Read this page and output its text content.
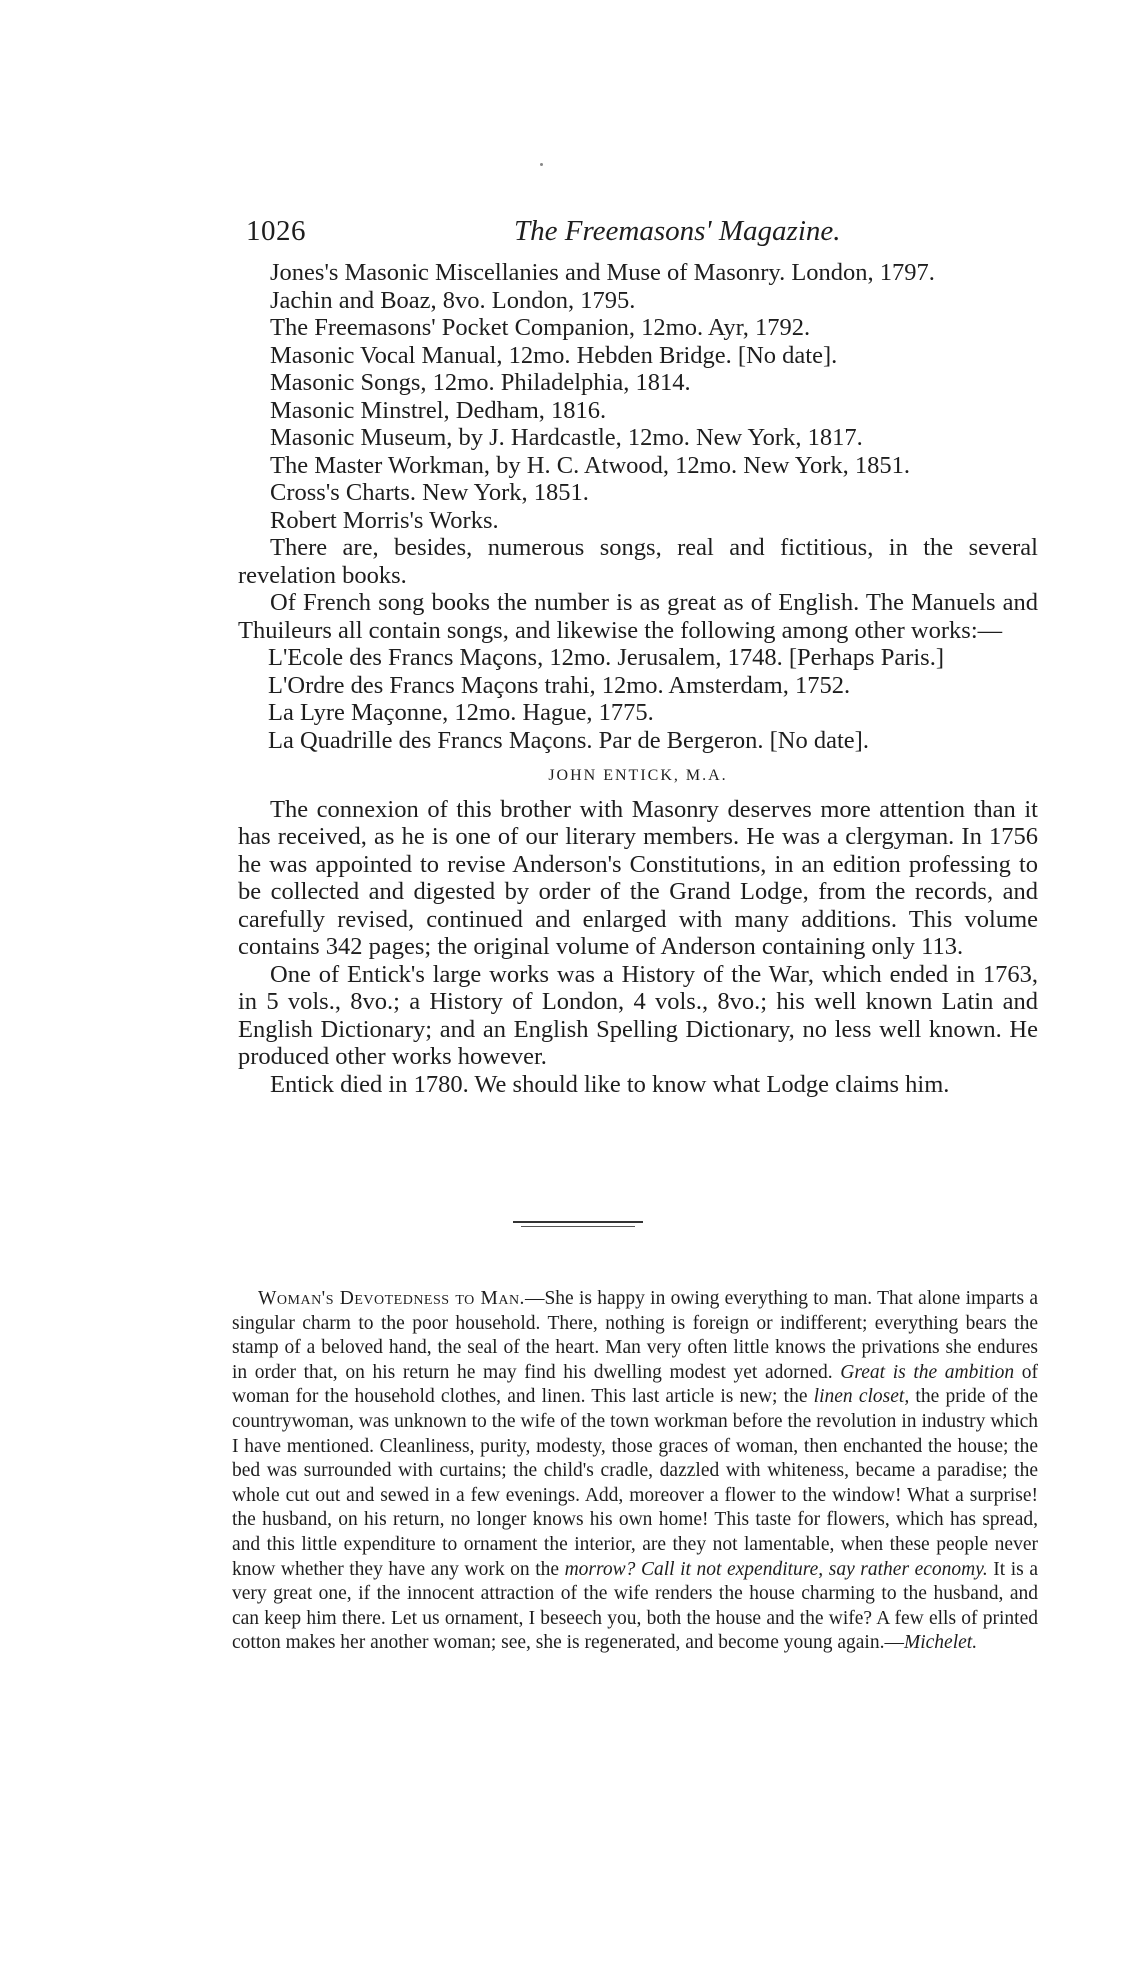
1026	The Freemasons' Magazine.
Jones's Masonic Miscellanies and Muse of Masonry. London, 1797.
Jachin and Boaz, 8vo. London, 1795.
The Freemasons' Pocket Companion, 12mo. Ayr, 1792.
Masonic Vocal Manual, 12mo. Hebden Bridge. [No date].
Masonic Songs, 12mo. Philadelphia, 1814.
Masonic Minstrel, Dedham, 1816.
Masonic Museum, by J. Hardcastle, 12mo. New York, 1817.
The Master Workman, by H. C. Atwood, 12mo. New York, 1851.
Cross's Charts. New York, 1851.
Robert Morris's Works.

There are, besides, numerous songs, real and fictitious, in the several revelation books.

Of French song books the number is as great as of English. The Manuels and Thuileurs all contain songs, and likewise the following among other works:—

L'Ecole des Francs Maçons, 12mo. Jerusalem, 1748. [Perhaps Paris.]
L'Ordre des Francs Maçons trahi, 12mo. Amsterdam, 1752.
La Lyre Maçonne, 12mo. Hague, 1775.
La Quadrille des Francs Maçons. Par de Bergeron. [No date].
JOHN ENTICK, M.A.

The connexion of this brother with Masonry deserves more attention than it has received, as he is one of our literary members. He was a clergyman. In 1756 he was appointed to revise Anderson's Constitutions, in an edition professing to be collected and digested by order of the Grand Lodge, from the records, and carefully revised, continued and enlarged with many additions. This volume contains 342 pages; the original volume of Anderson containing only 113.

One of Entick's large works was a History of the War, which ended in 1763, in 5 vols., 8vo.; a History of London, 4 vols., 8vo.; his well known Latin and English Dictionary; and an English Spelling Dictionary, no less well known. He produced other works however.

Entick died in 1780. We should like to know what Lodge claims him.

Woman's Devotedness to Man.—She is happy in owing everything to man. That alone imparts a singular charm to the poor household. There, nothing is foreign or indifferent; everything bears the stamp of a beloved hand, the seal of the heart. Man very often little knows the privations she endures in order that, on his return he may find his dwelling modest yet adorned. Great is the ambition of woman for the household clothes, and linen. This last article is new; the linen closet, the pride of the countrywoman, was unknown to the wife of the town workman before the revolution in industry which I have mentioned. Cleanliness, purity, modesty, those graces of woman, then enchanted the house; the bed was surrounded with curtains; the child's cradle, dazzled with whiteness, became a paradise; the whole cut out and sewed in a few evenings. Add, moreover a flower to the window! What a surprise! the husband, on his return, no longer knows his own home! This taste for flowers, which has spread, and this little expenditure to ornament the interior, are they not lamentable, when these people never know whether they have any work on the morrow? Call it not expenditure, say rather economy. It is a very great one, if the innocent attraction of the wife renders the house charming to the husband, and can keep him there. Let us ornament, I beseech you, both the house and the wife? A few ells of printed cotton makes her another woman; see, she is regenerated, and become young again.—Michelet.
